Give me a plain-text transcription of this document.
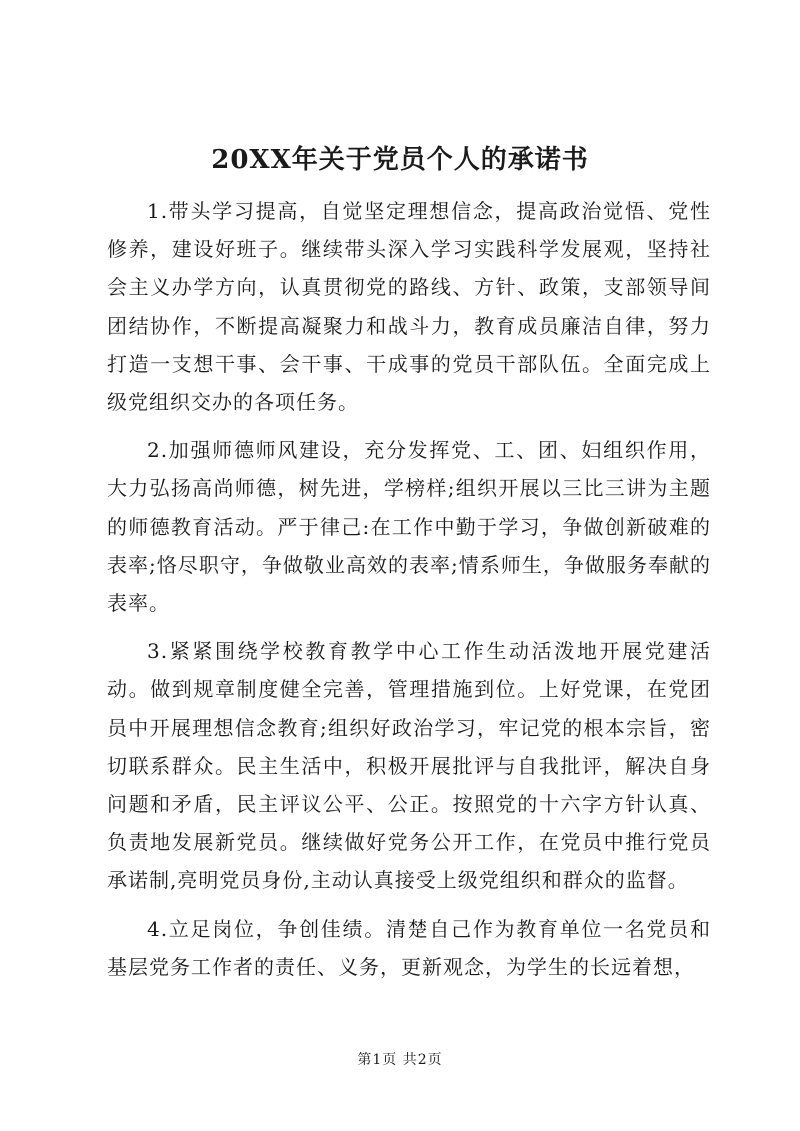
20XX年关于党员个人的承诺书

1.带头学习提高，自觉坚定理想信念，提高政治觉悟、党性修养，建设好班子。继续带头深入学习实践科学发展观，坚持社会主义办学方向，认真贯彻党的路线、方针、政策，支部领导间团结协作，不断提高凝聚力和战斗力，教育成员廉洁自律，努力打造一支想干事、会干事、干成事的党员干部队伍。全面完成上级党组织交办的各项任务。

2.加强师德师风建设，充分发挥党、工、团、妇组织作用，大力弘扬高尚师德，树先进，学榜样;组织开展以三比三讲为主题的师德教育活动。严于律己:在工作中勤于学习，争做创新破难的表率;恪尽职守，争做敬业高效的表率;情系师生，争做服务奉献的表率。

3.紧紧围绕学校教育教学中心工作生动活泼地开展党建活动。做到规章制度健全完善，管理措施到位。上好党课，在党团员中开展理想信念教育;组织好政治学习，牢记党的根本宗旨，密切联系群众。民主生活中，积极开展批评与自我批评，解决自身问题和矛盾，民主评议公平、公正。按照党的十六字方针认真、负责地发展新党员。继续做好党务公开工作，在党员中推行党员承诺制,亮明党员身份,主动认真接受上级党组织和群众的监督。

4.立足岗位，争创佳绩。清楚自己作为教育单位一名党员和基层党务工作者的责任、义务，更新观念，为学生的长远着想，

第1页 共2页
